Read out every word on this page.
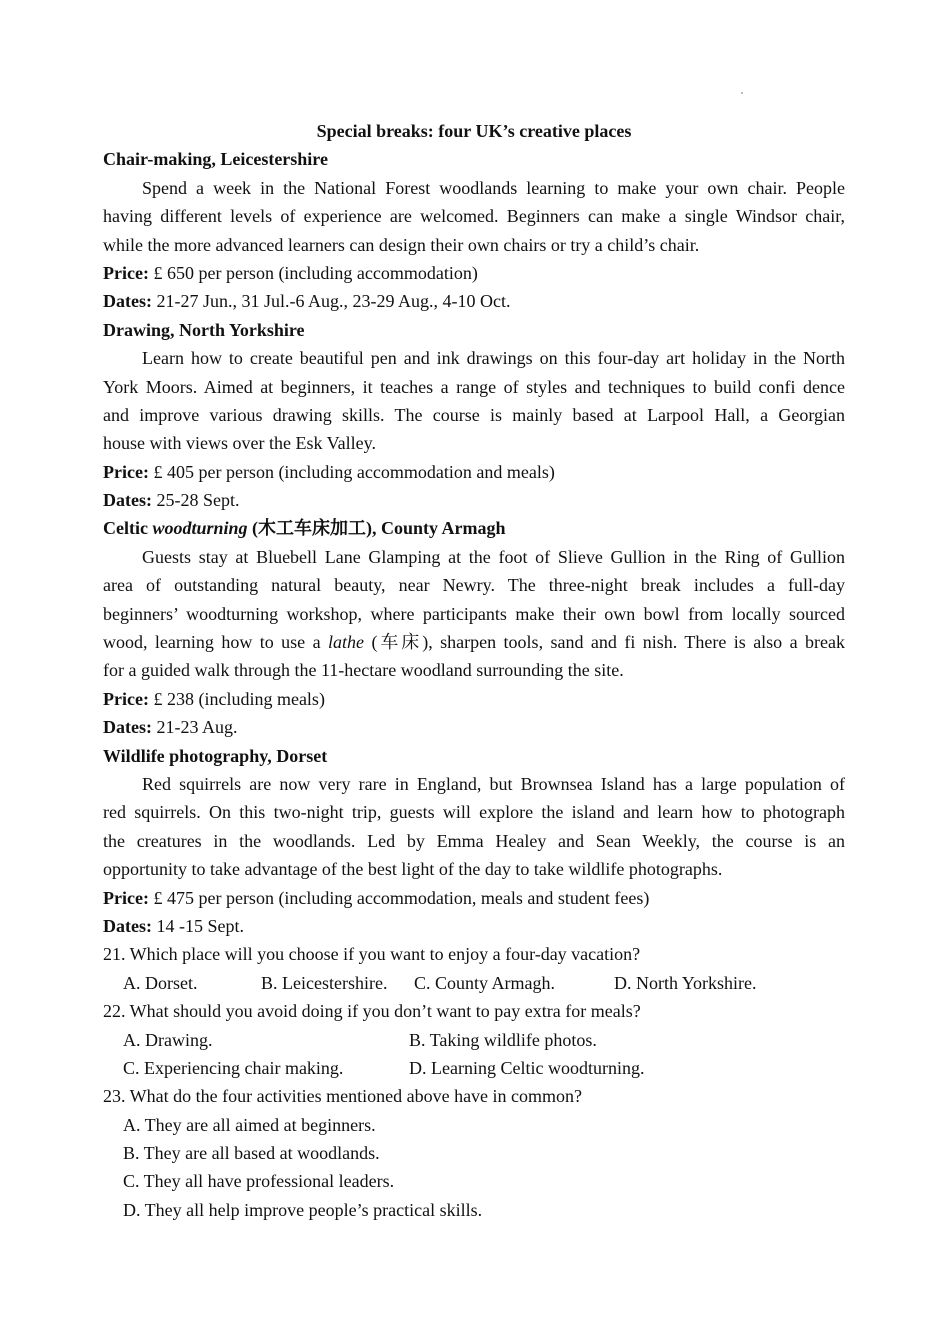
Special breaks: four UK’s creative places
Chair-making, Leicestershire
Spend a week in the National Forest woodlands learning to make your own chair. People
having different levels of experience are welcomed. Beginners can make a single Windsor chair,
while the more advanced learners can design their own chairs or try a child’s chair.
Price: £ 650 per person (including accommodation)
Dates: 21-27 Jun., 31 Jul.-6 Aug., 23-29 Aug., 4-10 Oct.
Drawing, North Yorkshire
Learn how to create beautiful pen and ink drawings on this four-day art holiday in the North
York Moors. Aimed at beginners, it teaches a range of styles and techniques to build confi dence
and improve various drawing skills. The course is mainly based at Larpool Hall, a Georgian
house with views over the Esk Valley.
Price: £ 405 per person (including accommodation and meals)
Dates: 25-28 Sept.
Celtic woodturning (木工车床加工), County Armagh
Guests stay at Bluebell Lane Glamping at the foot of Slieve Gullion in the Ring of Gullion
area of outstanding natural beauty, near Newry. The three-night break includes a full-day
beginners’ woodturning workshop, where participants make their own bowl from locally sourced
wood, learning how to use a lathe (车床), sharpen tools, sand and fi nish. There is also a break
for a guided walk through the 11-hectare woodland surrounding the site.
Price: £ 238 (including meals)
Dates: 21-23 Aug.
Wildlife photography, Dorset
Red squirrels are now very rare in England, but Brownsea Island has a large population of
red squirrels. On this two-night trip, guests will explore the island and learn how to photograph
the creatures in the woodlands. Led by Emma Healey and Sean Weekly, the course is an
opportunity to take advantage of the best light of the day to take wildlife photographs.
Price: £ 475 per person (including accommodation, meals and student fees)
Dates: 14 -15 Sept.
21. Which place will you choose if you want to enjoy a four-day vacation?
A. Dorset.	B. Leicestershire. C. County Armagh.	D. North Yorkshire.
22. What should you avoid doing if you don’t want to pay extra for meals?
A. Drawing.	B. Taking wildlife photos.
C. Experiencing chair making.	D. Learning Celtic woodturning.
23. What do the four activities mentioned above have in common?
A. They are all aimed at beginners.
B. They are all based at woodlands.
C. They all have professional leaders.
D. They all help improve people’s practical skills.
